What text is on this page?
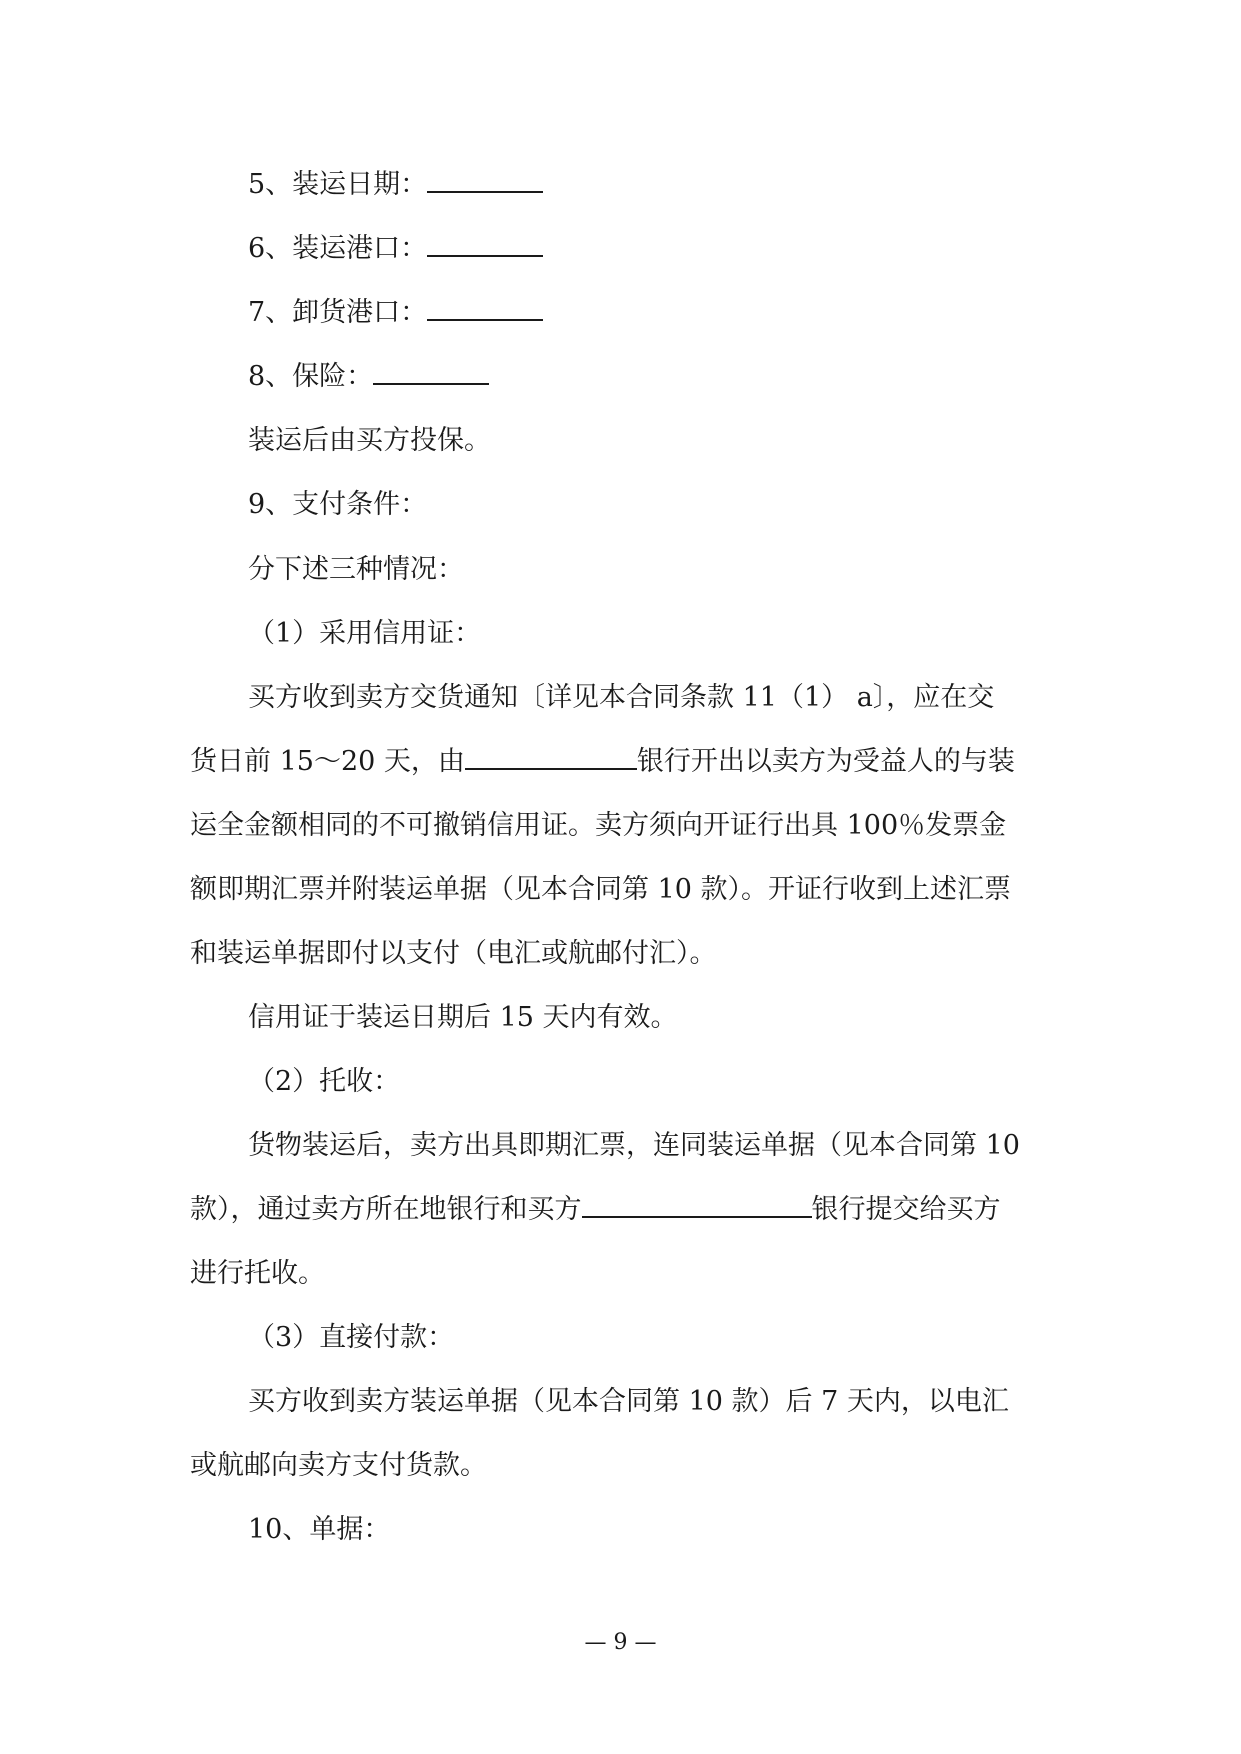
5、装运日期：
6、装运港口：
7、卸货港口：
8、保险：
装运后由买方投保。
9、支付条件：
分下述三种情况：
（1）采用信用证：
买方收到卖方交货通知〔详见本合同条款 11（1） a〕，应在交
货日前 15～20 天，由	银行开出以卖方为受益人的与装
运全金额相同的不可撤销信用证。卖方须向开证行出具 100％发票金
额即期汇票并附装运单据（见本合同第 10 款）。开证行收到上述汇票
和装运单据即付以支付（电汇或航邮付汇）。
信用证于装运日期后 15 天内有效。
（2）托收：
货物装运后，卖方出具即期汇票，连同装运单据（见本合同第 10
款），通过卖方所在地银行和买方	银行提交给买方
进行托收。
（3）直接付款：
买方收到卖方装运单据（见本合同第 10 款）后 7 天内，以电汇
或航邮向卖方支付货款。
10、单据：
— 9 —
